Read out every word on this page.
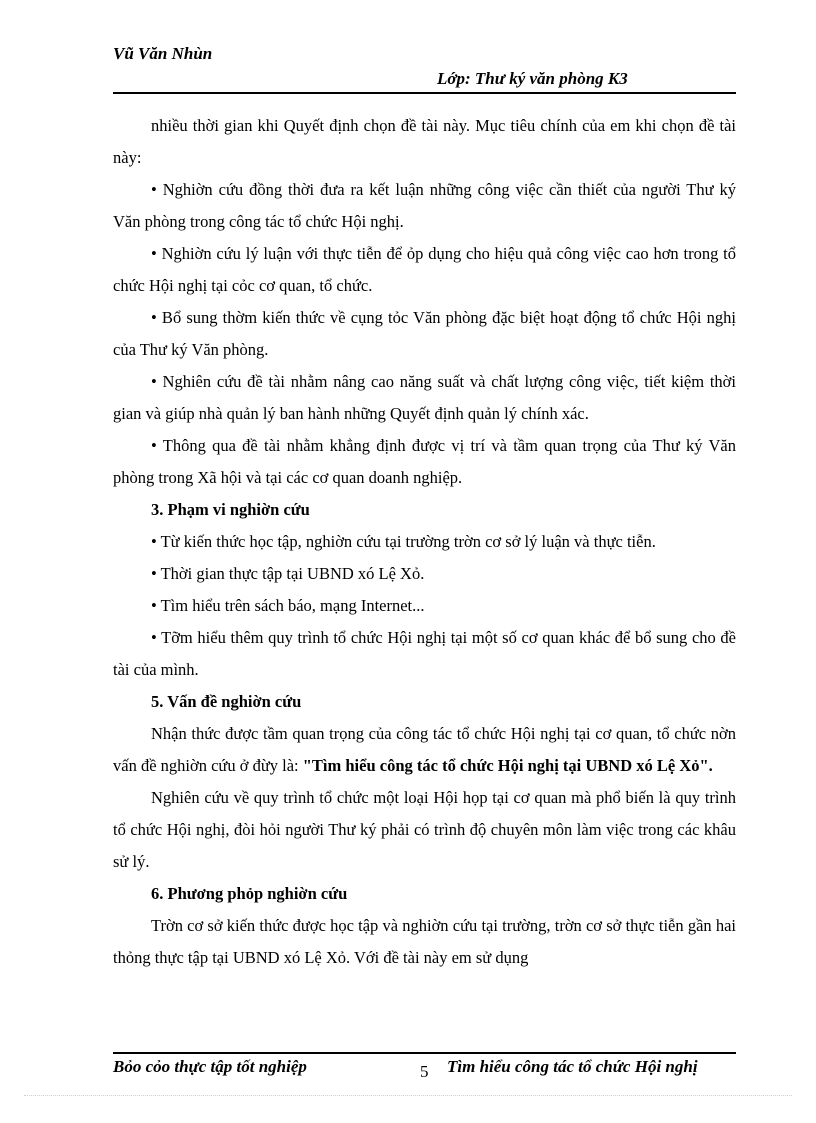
Vũ Văn Nhùn
Lớp: Thư ký văn phòng K3

nhiều thời gian khi Quyết định chọn đề tài này. Mục tiêu chính của em khi chọn đề tài này:

• Nghiờn cứu đồng thời đưa ra kết luận những công việc cần thiết của người Thư ký Văn phòng trong công tác tổ chức Hội nghị.

• Nghiờn cứu lý luận với thực tiễn để ỏp dụng cho hiệu quả công việc cao hơn trong tổ chức Hội nghị tại cỏc cơ quan, tổ chức.

• Bổ sung thờm kiến thức về cụng tỏc Văn phòng đặc biệt hoạt động tổ chức Hội nghị của Thư ký Văn phòng.

• Nghiên cứu đề tài nhằm nâng cao năng suất và chất lượng công việc, tiết kiệm thời gian và giúp nhà quản lý ban hành những Quyết định quản lý chính xác.

• Thông qua đề tài nhằm khẳng định được vị trí và tầm quan trọng của Thư ký Văn phòng trong Xã hội và tại các cơ quan doanh nghiệp.

3. Phạm vi nghiờn cứu

• Từ kiến thức học tập, nghiờn cứu tại trường trờn cơ sở lý luận và thực tiễn.

• Thời gian thực tập tại UBND xó Lệ Xỏ.

• Tìm hiểu trên sách báo, mạng Internet...

• Tỡm hiểu thêm quy trình tổ chức Hội nghị tại một số cơ quan khác để bổ sung cho đề tài của mình.

5. Vấn đề nghiờn cứu

Nhận thức được tầm quan trọng của công tác tổ chức Hội nghị tại cơ quan, tổ chức nờn vấn đề nghiờn cứu ở đừy là: "Tìm hiểu công tác tổ chức Hội nghị tại UBND xó Lệ Xỏ".

Nghiên cứu về quy trình tổ chức một loại Hội họp tại cơ quan mà phổ biến là quy trình tổ chức Hội nghị, đòi hỏi người Thư ký phải có trình độ chuyên môn làm việc trong các khâu sử lý.

6. Phương phỏp nghiờn cứu

Trờn cơ sở kiến thức được học tập và nghiờn cứu tại trường, trờn cơ sở thực tiễn gần hai thỏng thực tập tại UBND xó Lệ Xỏ. Với đề tài này em sử dụng

Bỏo cỏo thực tập tốt nghiệp	5 Tìm hiểu công tác tổ chức Hội nghị
